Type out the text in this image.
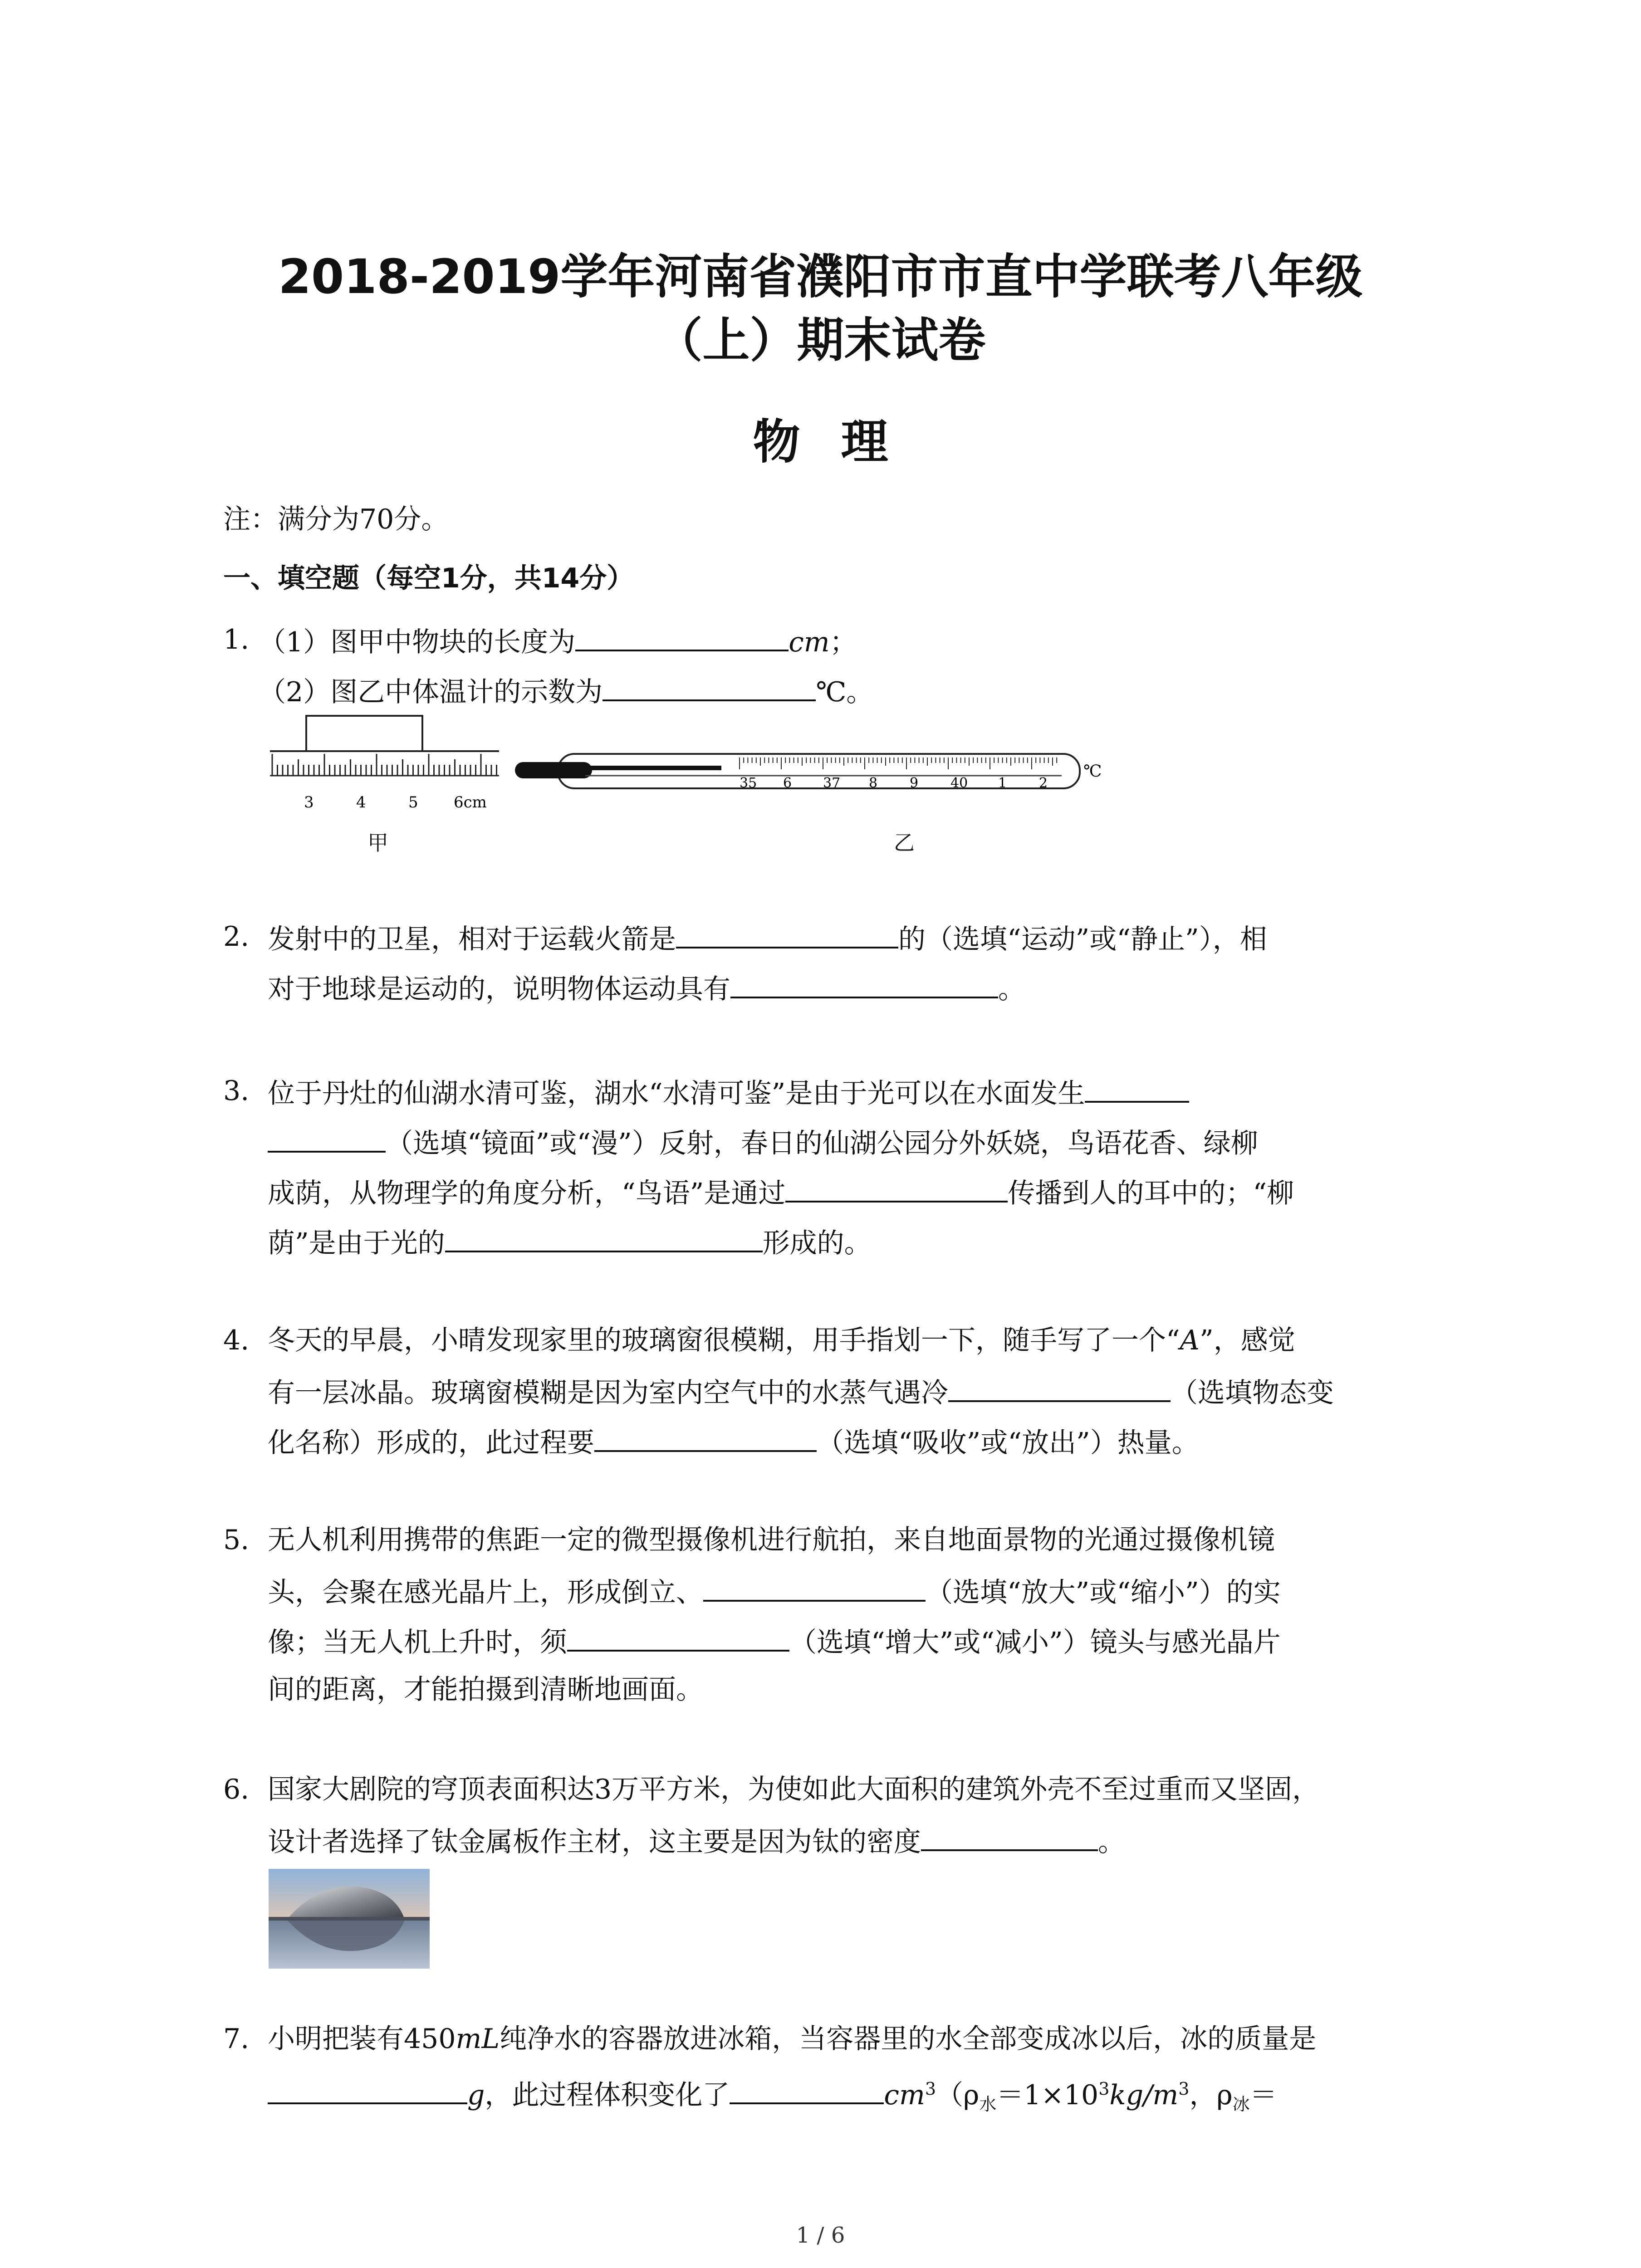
2018-2019学年河南省濮阳市市直中学联考八年级
（上）期末试卷
物理
注：满分为70分。
一、填空题（每空1分，共14分）
1. （1）图甲中物块的长度为	cm；
（2）图乙中体温计的示数为	℃。
3	4	5 6cm
甲
35 6 37 8 9 40 1 2
℃
乙
2. 发射中的卫星，相对于运载火箭是	的（选填“运动”或“静止”），相
对于地球是运动的，说明物体运动具有	。
3. 位于丹灶的仙湖水清可鉴，湖水“水清可鉴”是由于光可以在水面发生
（选填“镜面”或“漫”）反射，春日的仙湖公园分外妖娆，鸟语花香、绿柳
成荫，从物理学的角度分析，“鸟语”是通过	传播到人的耳中的；“柳
荫”是由于光的	形成的。
4. 冬天的早晨，小晴发现家里的玻璃窗很模糊，用手指划一下，随手写了一个“A”，感觉
有一层冰晶。玻璃窗模糊是因为室内空气中的水蒸气遇冷	（选填物态变
化名称）形成的，此过程要	（选填“吸收”或“放出”）热量。
5. 无人机利用携带的焦距一定的微型摄像机进行航拍，来自地面景物的光通过摄像机镜
头，会聚在感光晶片上，形成倒立、	（选填“放大”或“缩小”）的实
像；当无人机上升时，须	（选填“增大”或“减小”）镜头与感光晶片
间的距离，才能拍摄到清晰地画面。
6. 国家大剧院的穹顶表面积达3万平方米，为使如此大面积的建筑外壳不至过重而又坚固，
设计者选择了钛金属板作主材，这主要是因为钛的密度	。
7. 小明把装有450mL纯净水的容器放进冰箱，当容器里的水全部变成冰以后，冰的质量是
g，此过程体积变化了	$cm^3(\rho_水=1\times 10^3kg/m^3$，$\rho_冰=$
1 / 6
